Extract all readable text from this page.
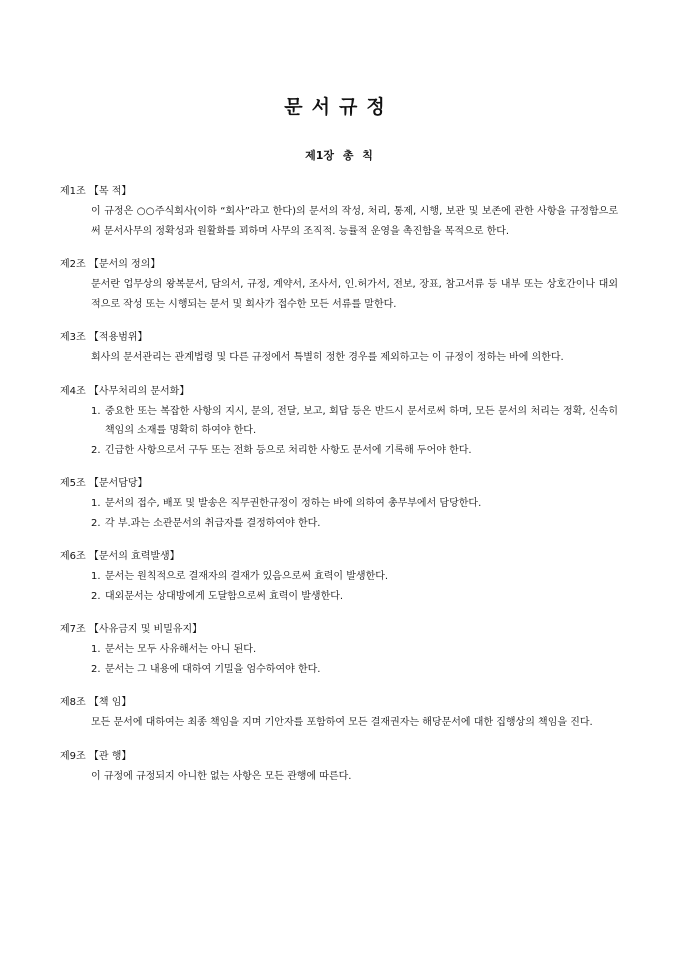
문서규정
제1장 총 칙
제1조 【목 적】
이 규정은 ○○주식회사(이하 “회사”라고 한다)의 문서의 작성, 처리, 통제, 시행, 보관 및 보존에 관한 사항을 규정함으로써 문서사무의 정확성과 원활화를 꾀하며 사무의 조직적. 능률적 운영을 촉진함을 목적으로 한다.
제2조 【문서의 정의】
문서란 업무상의 왕복문서, 담의서, 규정, 계약서, 조사서, 인.허가서, 전보, 장표, 참고서류 등 내부 또는 상호간이나 대외적으로 작성 또는 시행되는 문서 및 회사가 접수한 모든 서류를 말한다.
제3조 【적용범위】
회사의 문서관리는 관계법령 및 다른 규정에서 특별히 정한 경우를 제외하고는 이 규정이 정하는 바에 의한다.
제4조 【사무처리의 문서화】
1. 중요한 또는 복잡한 사항의 지시, 문의, 전달, 보고, 회답 등은 반드시 문서로써 하며, 모든 문서의 처리는 정확, 신속히 책임의 소재를 명확히 하여야 한다.
2. 긴급한 사항으로서 구두 또는 전화 등으로 처리한 사항도 문서에 기록해 두어야 한다.
제5조 【문서담당】
1. 문서의 접수, 배포 및 발송은 직무권한규정이 정하는 바에 의하여 총무부에서 담당한다.
2. 각 부.과는 소관문서의 취급자를 결정하여야 한다.
제6조 【문서의 효력발생】
1. 문서는 원칙적으로 결재자의 결재가 있음으로써 효력이 발생한다.
2. 대외문서는 상대방에게 도달함으로써 효력이 발생한다.
제7조 【사유금지 및 비밀유지】
1. 문서는 모두 사유해서는 아니 된다.
2. 문서는 그 내용에 대하여 기밀을 엄수하여야 한다.
제8조 【책 임】
모든 문서에 대하여는 최종 책임을 지며 기안자를 포함하여 모든 결재권자는 해당문서에 대한 집행상의 책임을 진다.
제9조 【관 행】
이 규정에 규정되지 아니한 없는 사항은 모든 관행에 따른다.
